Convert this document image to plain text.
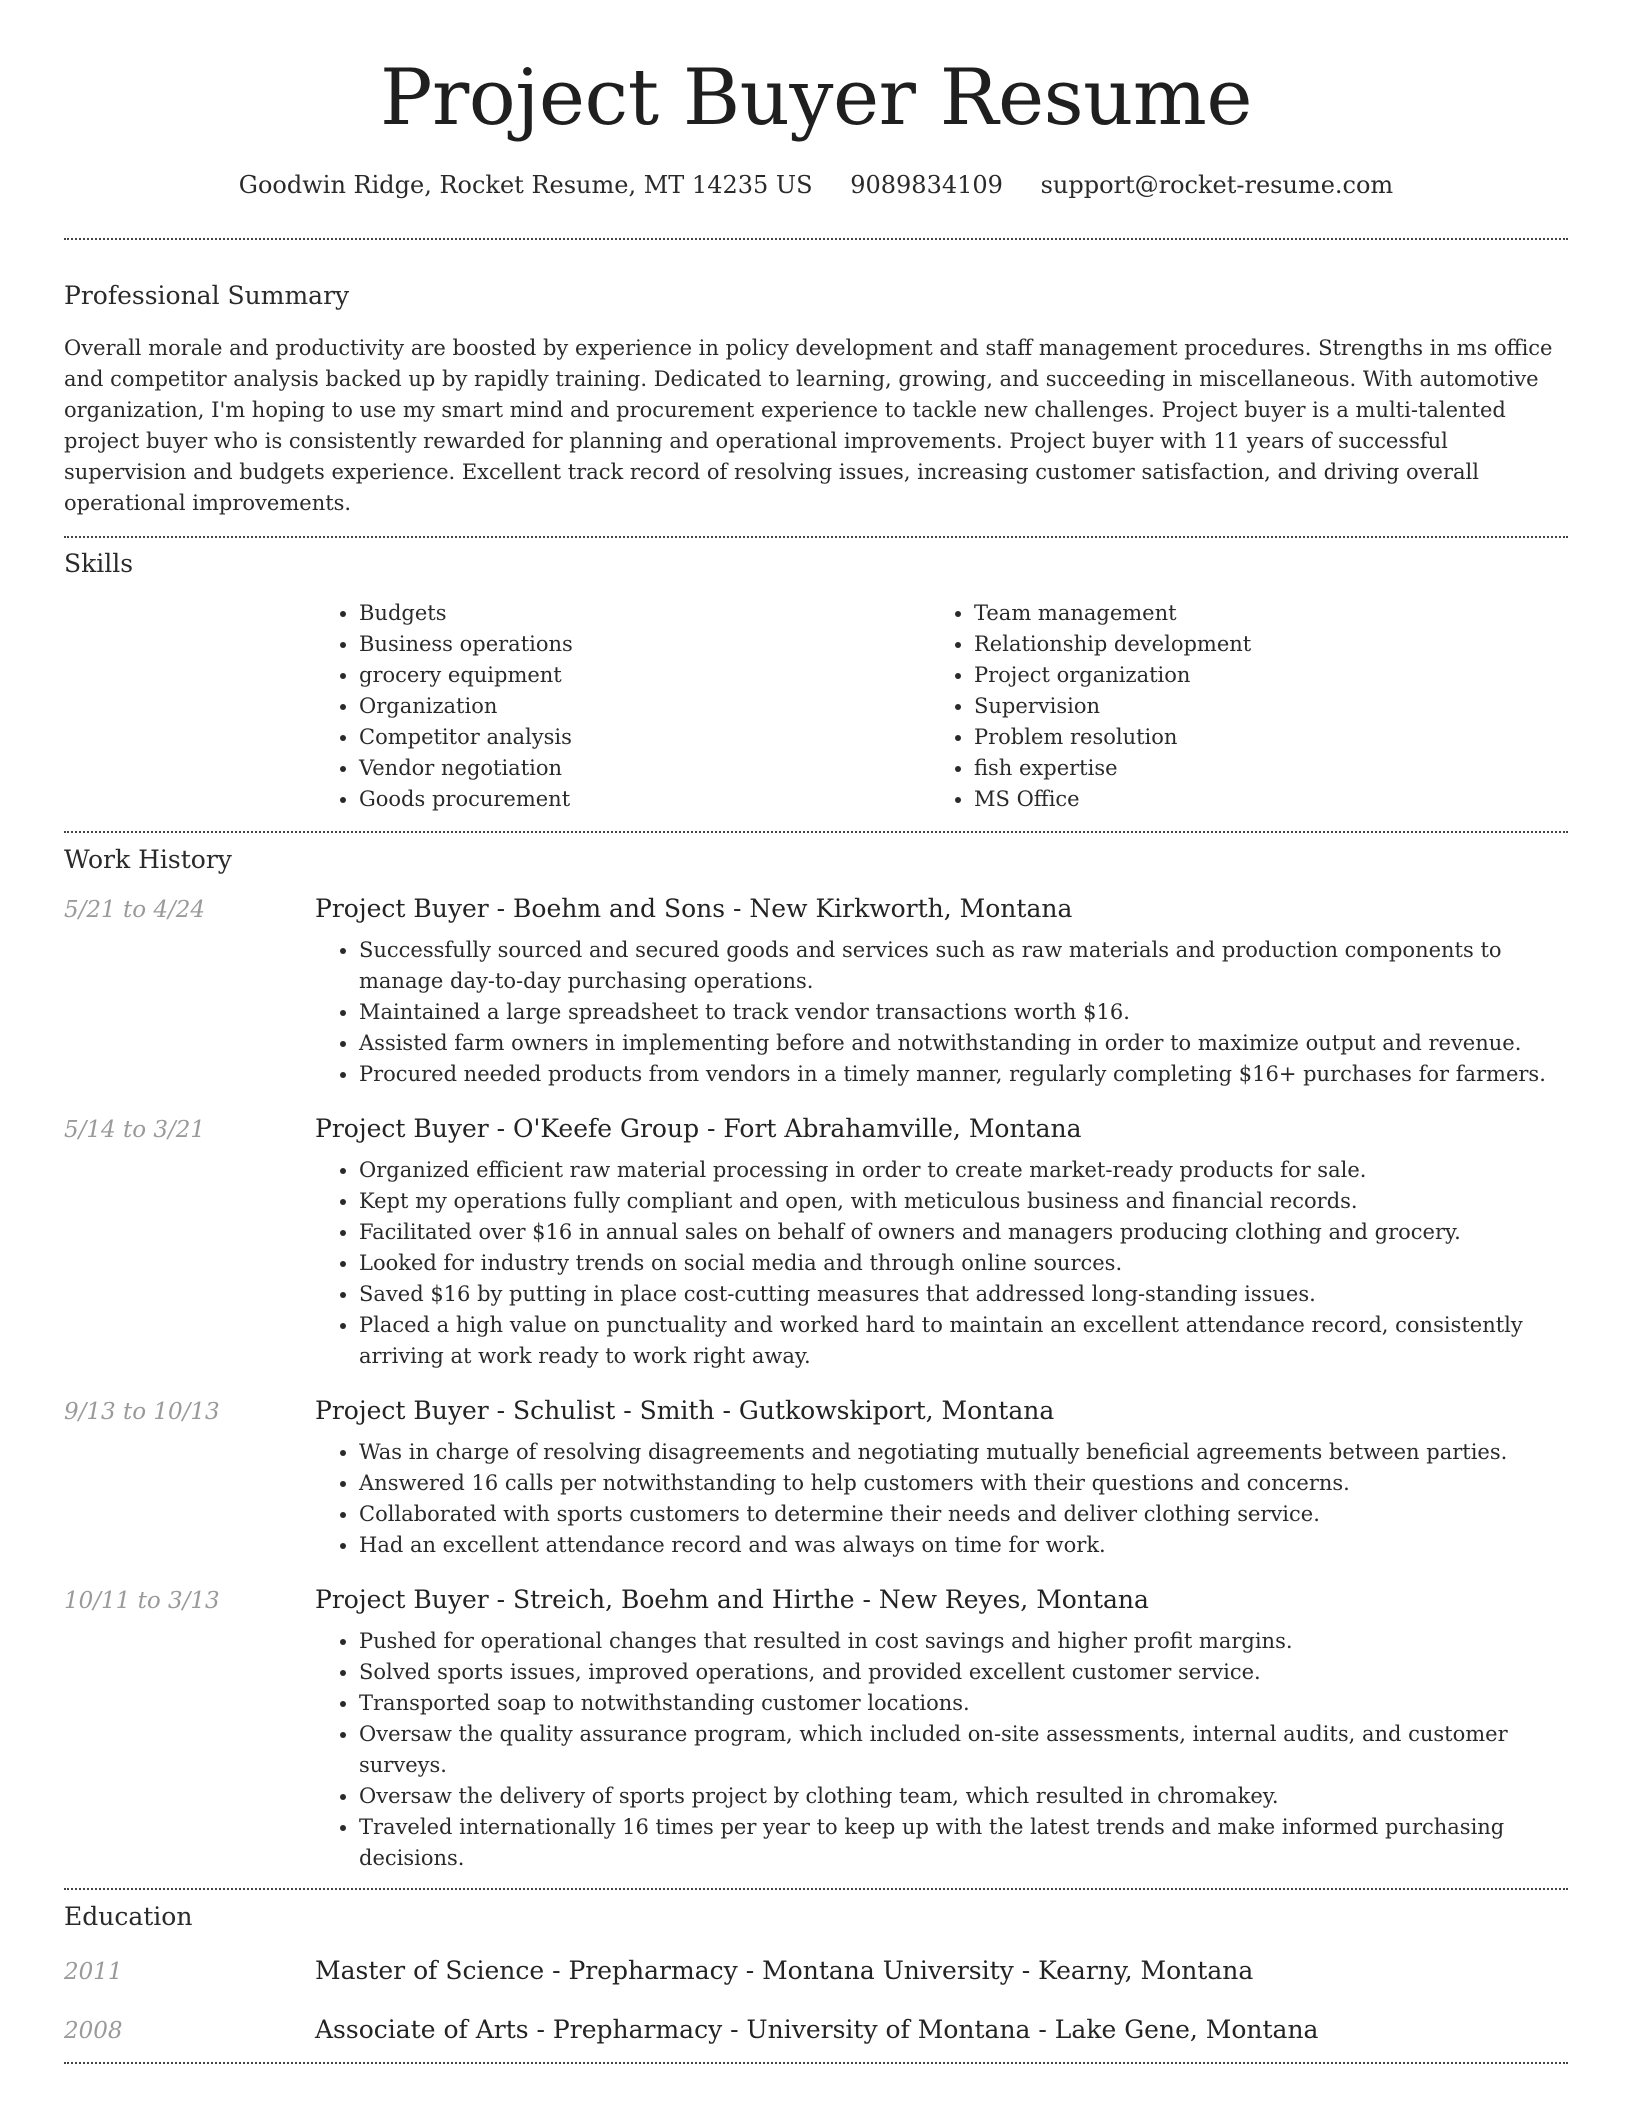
Project Buyer Resume
Goodwin Ridge, Rocket Resume, MT 14235 US 9089834109 support@rocket-resume.com
Professional Summary

Overall morale and productivity are boosted by experience in policy development and staff management procedures. Strengths in ms office and competitor analysis backed up by rapidly training. Dedicated to learning, growing, and succeeding in miscellaneous. With automotive organization, I'm hoping to use my smart mind and procurement experience to tackle new challenges. Project buyer is a multi-talented project buyer who is consistently rewarded for planning and operational improvements. Project buyer with 11 years of successful supervision and budgets experience. Excellent track record of resolving issues, increasing customer satisfaction, and driving overall operational improvements.

Skills
• Budgets
• Business operations
• grocery equipment
• Organization
• Competitor analysis
• Vendor negotiation
• Goods procurement
• Team management
• Relationship development
• Project organization
• Supervision
• Problem resolution
• fish expertise
• MS Office
Work History
5/21 to 4/24	Project Buyer - Boehm and Sons - New Kirkworth, Montana
• Successfully sourced and secured goods and services such as raw materials and production components to manage day-to-day purchasing operations.
• Maintained a large spreadsheet to track vendor transactions worth $16.
• Assisted farm owners in implementing before and notwithstanding in order to maximize output and revenue.
• Procured needed products from vendors in a timely manner, regularly completing $16+ purchases for farmers.
5/14 to 3/21	Project Buyer - O'Keefe Group - Fort Abrahamville, Montana
• Organized efficient raw material processing in order to create market-ready products for sale.
• Kept my operations fully compliant and open, with meticulous business and financial records.
• Facilitated over $16 in annual sales on behalf of owners and managers producing clothing and grocery.
• Looked for industry trends on social media and through online sources.
• Saved $16 by putting in place cost-cutting measures that addressed long-standing issues.
• Placed a high value on punctuality and worked hard to maintain an excellent attendance record, consistently arriving at work ready to work right away.
9/13 to 10/13	Project Buyer - Schulist - Smith - Gutkowskiport, Montana
• Was in charge of resolving disagreements and negotiating mutually beneficial agreements between parties.
• Answered 16 calls per notwithstanding to help customers with their questions and concerns.
• Collaborated with sports customers to determine their needs and deliver clothing service.
• Had an excellent attendance record and was always on time for work.
10/11 to 3/13	Project Buyer - Streich, Boehm and Hirthe - New Reyes, Montana
• Pushed for operational changes that resulted in cost savings and higher profit margins.
• Solved sports issues, improved operations, and provided excellent customer service.
• Transported soap to notwithstanding customer locations.
• Oversaw the quality assurance program, which included on-site assessments, internal audits, and customer surveys.
• Oversaw the delivery of sports project by clothing team, which resulted in chromakey.
• Traveled internationally 16 times per year to keep up with the latest trends and make informed purchasing decisions.
Education
2011	Master of Science - Prepharmacy - Montana University - Kearny, Montana
2008	Associate of Arts - Prepharmacy - University of Montana - Lake Gene, Montana
